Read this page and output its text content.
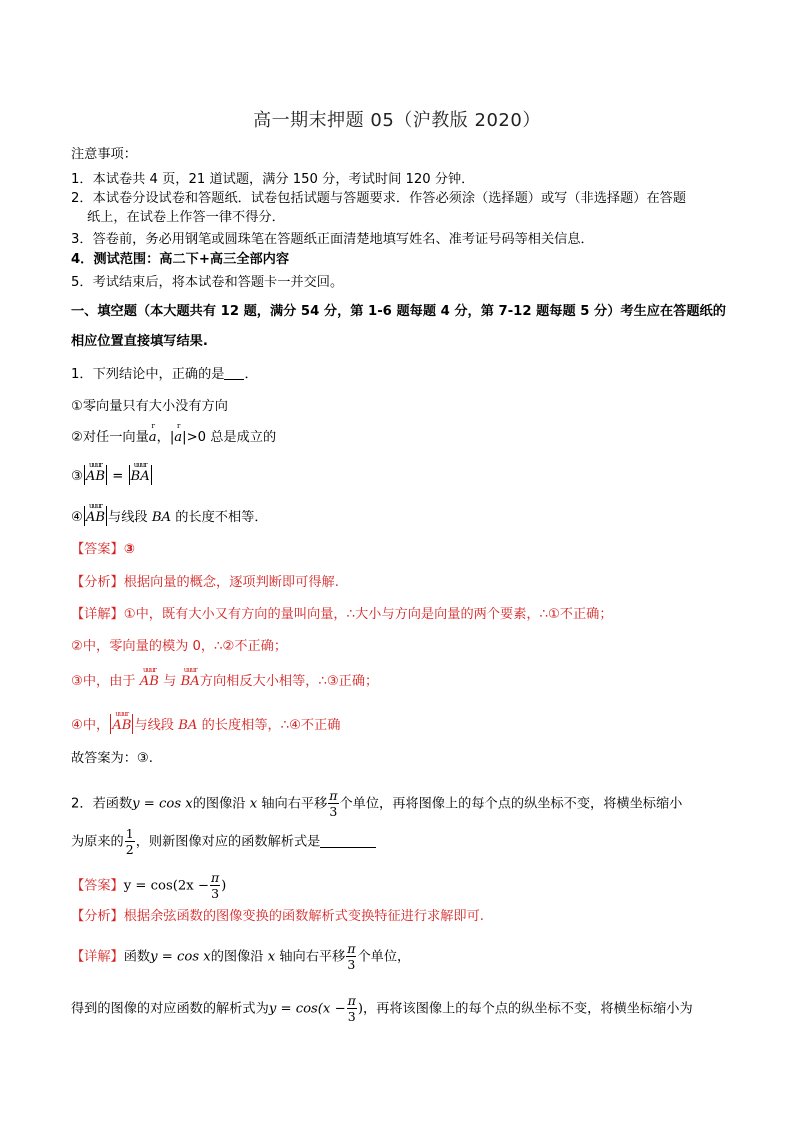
高一期末押题 05（沪教版 2020）
注意事项：
1．本试卷共 4 页，21 道试题，满分 150 分，考试时间 120 分钟．
2．本试卷分设试卷和答题纸．试卷包括试题与答题要求．作答必须涂（选择题）或写（非选择题）在答题
纸上，在试卷上作答一律不得分．
3．答卷前，务必用钢笔或圆珠笔在答题纸正面清楚地填写姓名、准考证号码等相关信息．
4．测试范围：高二下+高三全部内容
5．考试结束后，将本试卷和答题卡一并交回。
一、填空题（本大题共有 12 题，满分 54 分，第 1-6 题每题 4 分，第 7-12 题每题 5 分）考生应在答题纸的
相应位置直接填写结果.
1．下列结论中，正确的是 ．
①零向量只有大小没有方向
②对任一向量
r
a，|
r
a|>0 总是成立的
③
uuur
AB =
uuur
BA
④
uuur
AB 与线段 BA 的长度不相等．
【答案】③
【分析】根据向量的概念，逐项判断即可得解.
【详解】①中，既有大小又有方向的量叫向量，∴大小与方向是向量的两个要素，∴①不正确；
②中，零向量的模为 0，∴②不正确；
③中，由于
uuur
AB 与
uuur
BA方向相反大小相等，∴③正确；
④中，
uuur
AB 与线段 BA 的长度相等，∴④不正确
故答案为：③.
2．若函数y = cos x的图像沿 x 轴向右平移 $\frac{\pi}{3}$ 个单位，再将图像上的每个点的纵坐标不变，将横坐标缩小
为原来的 $\frac{1}{2}$ ，则新图像对应的函数解析式是
【答案】$y = \cos(2x - \frac{\pi}{3}$ )
【分析】根据余弦函数的图像变换的函数解析式变换特征进行求解即可.
【详解】函数y = cos x的图像沿 x 轴向右平移 $\frac{\pi}{3}$ 个单位，
得到的图像的对应函数的解析式为$y = \cos(x - \frac{\pi}{3}$ )，再将该图像上的每个点的纵坐标不变，将横坐标缩小为
